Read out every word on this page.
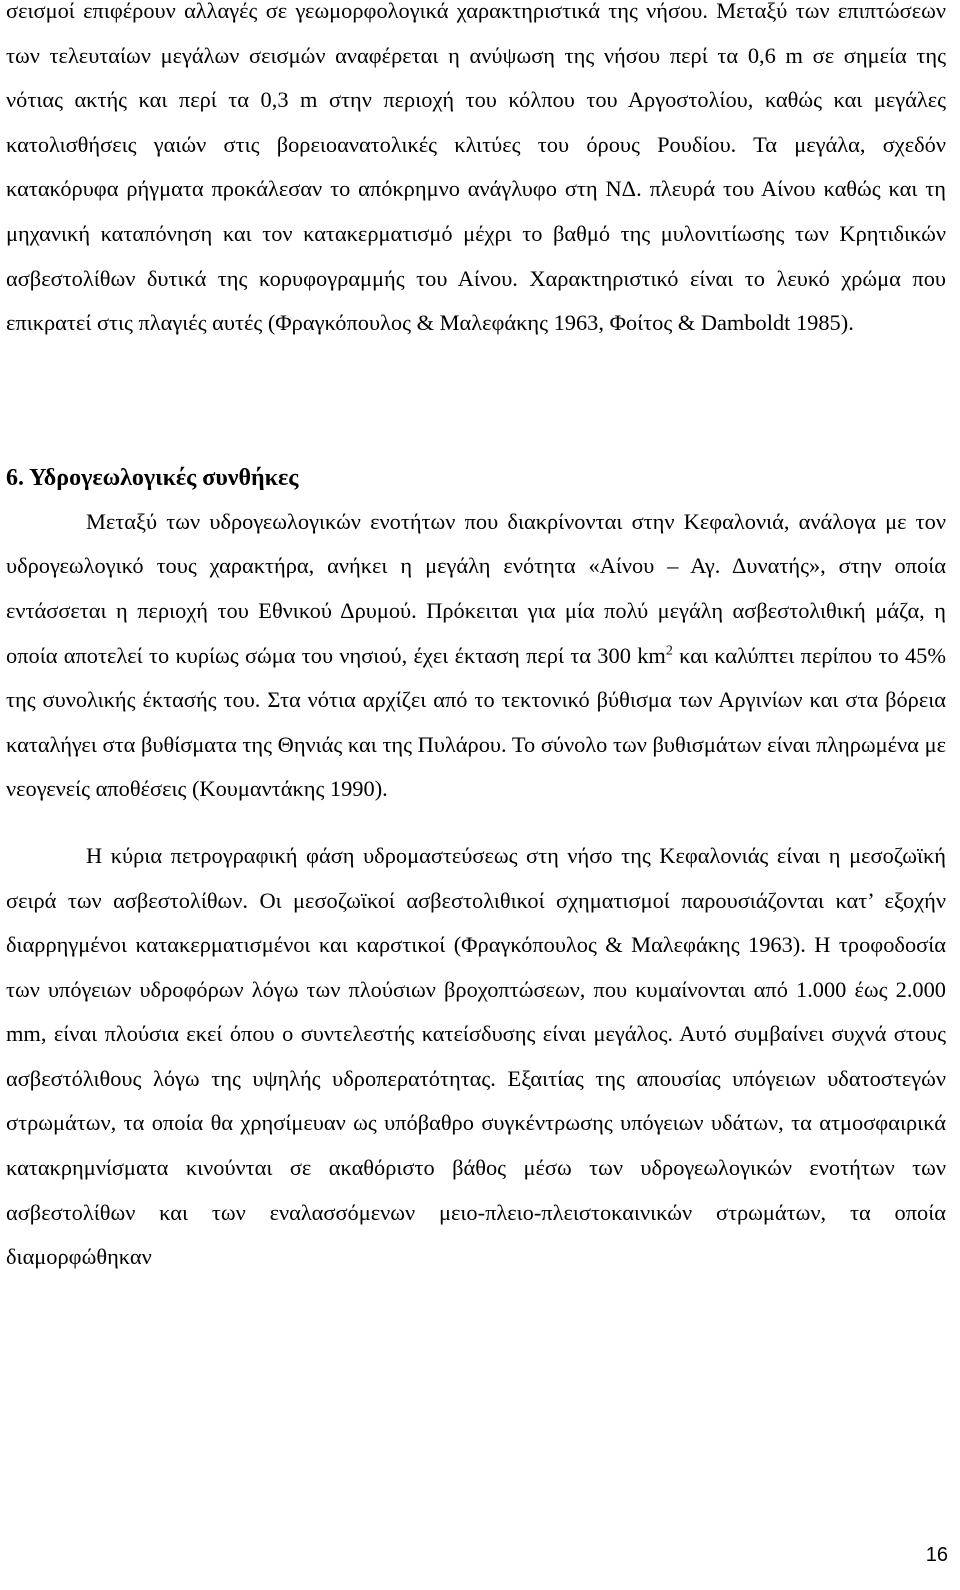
σεισμοί επιφέρουν αλλαγές σε γεωμορφολογικά χαρακτηριστικά της νήσου. Μεταξύ των επιπτώσεων των τελευταίων μεγάλων σεισμών αναφέρεται η ανύψωση της νήσου περί τα 0,6 m σε σημεία της νότιας ακτής και περί τα 0,3 m στην περιοχή του κόλπου του Αργοστολίου, καθώς και μεγάλες κατολισθήσεις γαιών στις βορειοανατολικές κλιτύες του όρους Ρουδίου. Τα μεγάλα, σχεδόν κατακόρυφα ρήγματα προκάλεσαν το απόκρημνο ανάγλυφο στη ΝΔ. πλευρά του Αίνου καθώς και τη μηχανική καταπόνηση και τον κατακερματισμό μέχρι το βαθμό της μυλονιτίωσης των Κρητιδικών ασβεστολίθων δυτικά της κορυφογραμμής του Αίνου. Χαρακτηριστικό είναι το λευκό χρώμα που επικρατεί στις πλαγιές αυτές (Φραγκόπουλος & Μαλεφάκης 1963, Φοίτος & Damboldt 1985).

6. Υδρογεωλογικές συνθήκες

Μεταξύ των υδρογεωλογικών ενοτήτων που διακρίνονται στην Κεφαλονιά, ανάλογα με τον υδρογεωλογικό τους χαρακτήρα, ανήκει η μεγάλη ενότητα «Αίνου – Αγ. Δυνατής», στην οποία εντάσσεται η περιοχή του Εθνικού Δρυμού. Πρόκειται για μία πολύ μεγάλη ασβεστολιθική μάζα, η οποία αποτελεί το κυρίως σώμα του νησιού, έχει έκταση περί τα 300 $km^2$ και καλύπτει περίπου το 45% της συνολικής έκτασής του. Στα νότια αρχίζει από το τεκτονικό βύθισμα των Αργινίων και στα βόρεια καταλήγει στα βυθίσματα της Θηνιάς και της Πυλάρου. Το σύνολο των βυθισμάτων είναι πληρωμένα με νεογενείς αποθέσεις (Κουμαντάκης 1990).

Η κύρια πετρογραφική φάση υδρομαστεύσεως στη νήσο της Κεφαλονιάς είναι η μεσοζωϊκή σειρά των ασβεστολίθων. Οι μεσοζωϊκοί ασβεστολιθικοί σχηματισμοί παρουσιάζονται κατ’ εξοχήν διαρρηγμένοι κατακερματισμένοι και καρστικοί (Φραγκόπουλος & Μαλεφάκης 1963). Η τροφοδοσία των υπόγειων υδροφόρων λόγω των πλούσιων βροχοπτώσεων, που κυμαίνονται από 1.000 έως 2.000 mm, είναι πλούσια εκεί όπου ο συντελεστής κατείσδυσης είναι μεγάλος. Αυτό συμβαίνει συχνά στους ασβεστόλιθους λόγω της υψηλής υδροπερατότητας. Εξαιτίας της απουσίας υπόγειων υδατοστεγών στρωμάτων, τα οποία θα χρησίμευαν ως υπόβαθρο συγκέντρωσης υπόγειων υδάτων, τα ατμοσφαιρικά κατακρημνίσματα κινούνται σε ακαθόριστο βάθος μέσω των υδρογεωλογικών ενοτήτων των ασβεστολίθων και των εναλασσόμενων μειο-πλειο-πλειστοκαινικών στρωμάτων, τα οποία διαμορφώθηκαν

16
